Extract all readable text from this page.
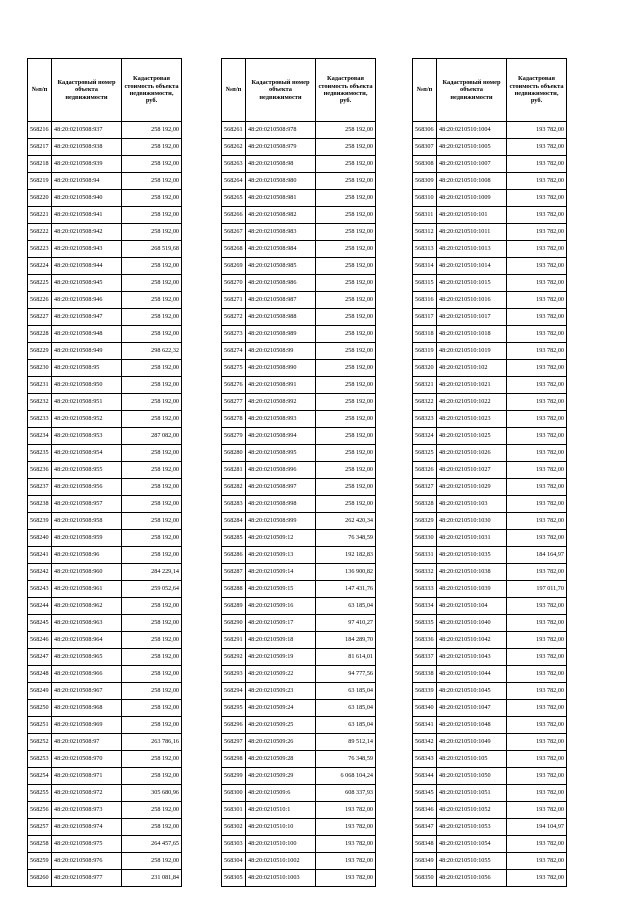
№п/п	Кадастровый номер объекта недвижимости	Кадастровая стоимость объекта недвижимости, руб.
568216	48:20:0210508:937	258 192,00
568217	48:20:0210508:938	258 192,00
568218	48:20:0210508:939	258 192,00
568219	48:20:0210508:94	258 192,00
568220	48:20:0210508:940	258 192,00
568221	48:20:0210508:941	258 192,00
568222	48:20:0210508:942	258 192,00
568223	48:20:0210508:943	268 519,68
568224	48:20:0210508:944	258 192,00
568225	48:20:0210508:945	258 192,00
568226	48:20:0210508:946	258 192,00
568227	48:20:0210508:947	258 192,00
568228	48:20:0210508:948	258 192,00
568229	48:20:0210508:949	298 622,32
568230	48:20:0210508:95	258 192,00
568231	48:20:0210508:950	258 192,00
568232	48:20:0210508:951	258 192,00
568233	48:20:0210508:952	258 192,00
568234	48:20:0210508:953	287 082,00
568235	48:20:0210508:954	258 192,00
568236	48:20:0210508:955	258 192,00
568237	48:20:0210508:956	258 192,00
568238	48:20:0210508:957	258 192,00
568239	48:20:0210508:958	258 192,00
568240	48:20:0210508:959	258 192,00
568241	48:20:0210508:96	258 192,00
568242	48:20:0210508:960	284 229,14
568243	48:20:0210508:961	259 052,64
568244	48:20:0210508:962	258 192,00
568245	48:20:0210508:963	258 192,00
568246	48:20:0210508:964	258 192,00
568247	48:20:0210508:965	258 192,00
568248	48:20:0210508:966	258 192,00
568249	48:20:0210508:967	258 192,00
568250	48:20:0210508:968	258 192,00
568251	48:20:0210508:969	258 192,00
568252	48:20:0210508:97	263 786,16
568253	48:20:0210508:970	258 192,00
568254	48:20:0210508:971	258 192,00
568255	48:20:0210508:972	305 680,96
568256	48:20:0210508:973	258 192,00
568257	48:20:0210508:974	258 192,00
568258	48:20:0210508:975	264 457,65
568259	48:20:0210508:976	258 192,00
568260	48:20:0210508:977	231 081,84
№п/п	Кадастровый номер объекта недвижимости	Кадастровая стоимость объекта недвижимости, руб.
568261	48:20:0210508:978	258 192,00
568262	48:20:0210508:979	258 192,00
568263	48:20:0210508:98	258 192,00
568264	48:20:0210508:980	258 192,00
568265	48:20:0210508:981	258 192,00
568266	48:20:0210508:982	258 192,00
568267	48:20:0210508:983	258 192,00
568268	48:20:0210508:984	258 192,00
568269	48:20:0210508:985	258 192,00
568270	48:20:0210508:986	258 192,00
568271	48:20:0210508:987	258 192,00
568272	48:20:0210508:988	258 192,00
568273	48:20:0210508:989	258 192,00
568274	48:20:0210508:99	258 192,00
568275	48:20:0210508:990	258 192,00
568276	48:20:0210508:991	258 192,00
568277	48:20:0210508:992	258 192,00
568278	48:20:0210508:993	258 192,00
568279	48:20:0210508:994	258 192,00
568280	48:20:0210508:995	258 192,00
568281	48:20:0210508:996	258 192,00
568282	48:20:0210508:997	258 192,00
568283	48:20:0210508:998	258 192,00
568284	48:20:0210508:999	262 420,34
568285	48:20:0210509:12	76 348,59
568286	48:20:0210509:13	192 182,83
568287	48:20:0210509:14	136 900,82
568288	48:20:0210509:15	147 431,76
568289	48:20:0210509:16	63 185,04
568290	48:20:0210509:17	97 410,27
568291	48:20:0210509:18	184 289,70
568292	48:20:0210509:19	81 614,01
568293	48:20:0210509:22	94 777,56
568294	48:20:0210509:23	63 185,04
568295	48:20:0210509:24	63 185,04
568296	48:20:0210509:25	63 185,04
568297	48:20:0210509:26	89 512,14
568298	48:20:0210509:28	76 348,59
568299	48:20:0210509:29	6 068 104,24
568300	48:20:0210509:6	608 337,93
568301	48:20:0210510:1	193 782,00
568302	48:20:0210510:10	193 782,00
568303	48:20:0210510:100	193 782,00
568304	48:20:0210510:1002	193 782,00
568305	48:20:0210510:1003	193 782,00
№п/п	Кадастровый номер объекта недвижимости	Кадастровая стоимость объекта недвижимости, руб.
568306	48:20:0210510:1004	193 782,00
568307	48:20:0210510:1005	193 782,00
568308	48:20:0210510:1007	193 782,00
568309	48:20:0210510:1008	193 782,00
568310	48:20:0210510:1009	193 782,00
568311	48:20:0210510:101	193 782,00
568312	48:20:0210510:1011	193 782,00
568313	48:20:0210510:1013	193 782,00
568314	48:20:0210510:1014	193 782,00
568315	48:20:0210510:1015	193 782,00
568316	48:20:0210510:1016	193 782,00
568317	48:20:0210510:1017	193 782,00
568318	48:20:0210510:1018	193 782,00
568319	48:20:0210510:1019	193 782,00
568320	48:20:0210510:102	193 782,00
568321	48:20:0210510:1021	193 782,00
568322	48:20:0210510:1022	193 782,00
568323	48:20:0210510:1023	193 782,00
568324	48:20:0210510:1025	193 782,00
568325	48:20:0210510:1026	193 782,00
568326	48:20:0210510:1027	193 782,00
568327	48:20:0210510:1029	193 782,00
568328	48:20:0210510:103	193 782,00
568329	48:20:0210510:1030	193 782,00
568330	48:20:0210510:1031	193 782,00
568331	48:20:0210510:1035	184 164,97
568332	48:20:0210510:1038	193 782,00
568333	48:20:0210510:1039	197 011,70
568334	48:20:0210510:104	193 782,00
568335	48:20:0210510:1040	193 782,00
568336	48:20:0210510:1042	193 782,00
568337	48:20:0210510:1043	193 782,00
568338	48:20:0210510:1044	193 782,00
568339	48:20:0210510:1045	193 782,00
568340	48:20:0210510:1047	193 782,00
568341	48:20:0210510:1048	193 782,00
568342	48:20:0210510:1049	193 782,00
568343	48:20:0210510:105	193 782,00
568344	48:20:0210510:1050	193 782,00
568345	48:20:0210510:1051	193 782,00
568346	48:20:0210510:1052	193 782,00
568347	48:20:0210510:1053	194 104,97
568348	48:20:0210510:1054	193 782,00
568349	48:20:0210510:1055	193 782,00
568350	48:20:0210510:1056	193 782,00
